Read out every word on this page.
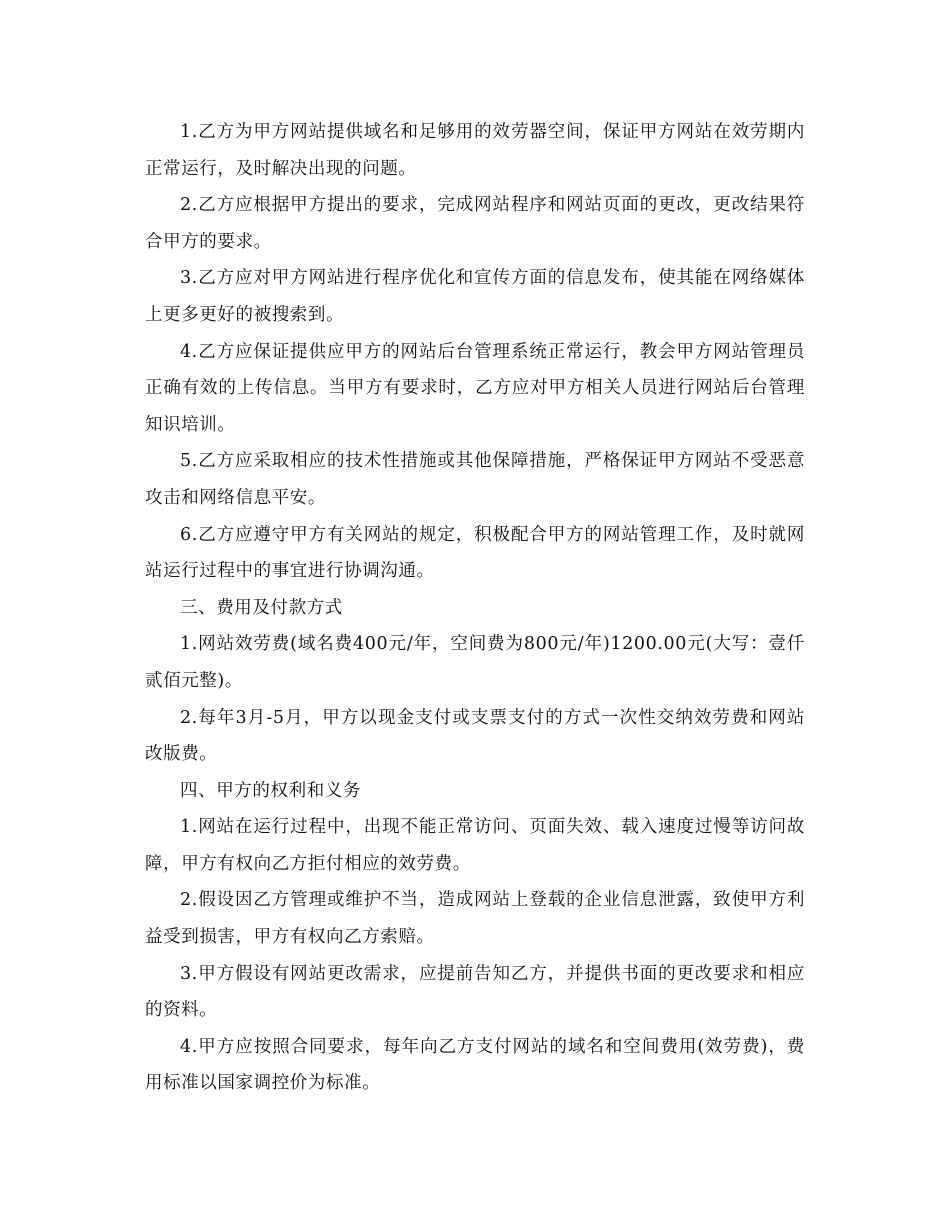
1.乙方为甲方网站提供域名和足够用的效劳器空间，保证甲方网站在效劳期内正常运行，及时解决出现的问题。

2.乙方应根据甲方提出的要求，完成网站程序和网站页面的更改，更改结果符合甲方的要求。

3.乙方应对甲方网站进行程序优化和宣传方面的信息发布，使其能在网络媒体上更多更好的被搜索到。

4.乙方应保证提供应甲方的网站后台管理系统正常运行，教会甲方网站管理员正确有效的上传信息。当甲方有要求时，乙方应对甲方相关人员进行网站后台管理知识培训。

5.乙方应采取相应的技术性措施或其他保障措施，严格保证甲方网站不受恶意攻击和网络信息平安。

6.乙方应遵守甲方有关网站的规定，积极配合甲方的网站管理工作，及时就网站运行过程中的事宜进行协调沟通。

三、费用及付款方式

1.网站效劳费(域名费400元/年，空间费为800元/年)1200.00元(大写：壹仟贰佰元整)。

2.每年3月-5月，甲方以现金支付或支票支付的方式一次性交纳效劳费和网站改版费。

四、甲方的权利和义务

1.网站在运行过程中，出现不能正常访问、页面失效、载入速度过慢等访问故障，甲方有权向乙方拒付相应的效劳费。

2.假设因乙方管理或维护不当，造成网站上登载的企业信息泄露，致使甲方利益受到损害，甲方有权向乙方索赔。

3.甲方假设有网站更改需求，应提前告知乙方，并提供书面的更改要求和相应的资料。

4.甲方应按照合同要求，每年向乙方支付网站的域名和空间费用(效劳费)，费用标准以国家调控价为标准。
